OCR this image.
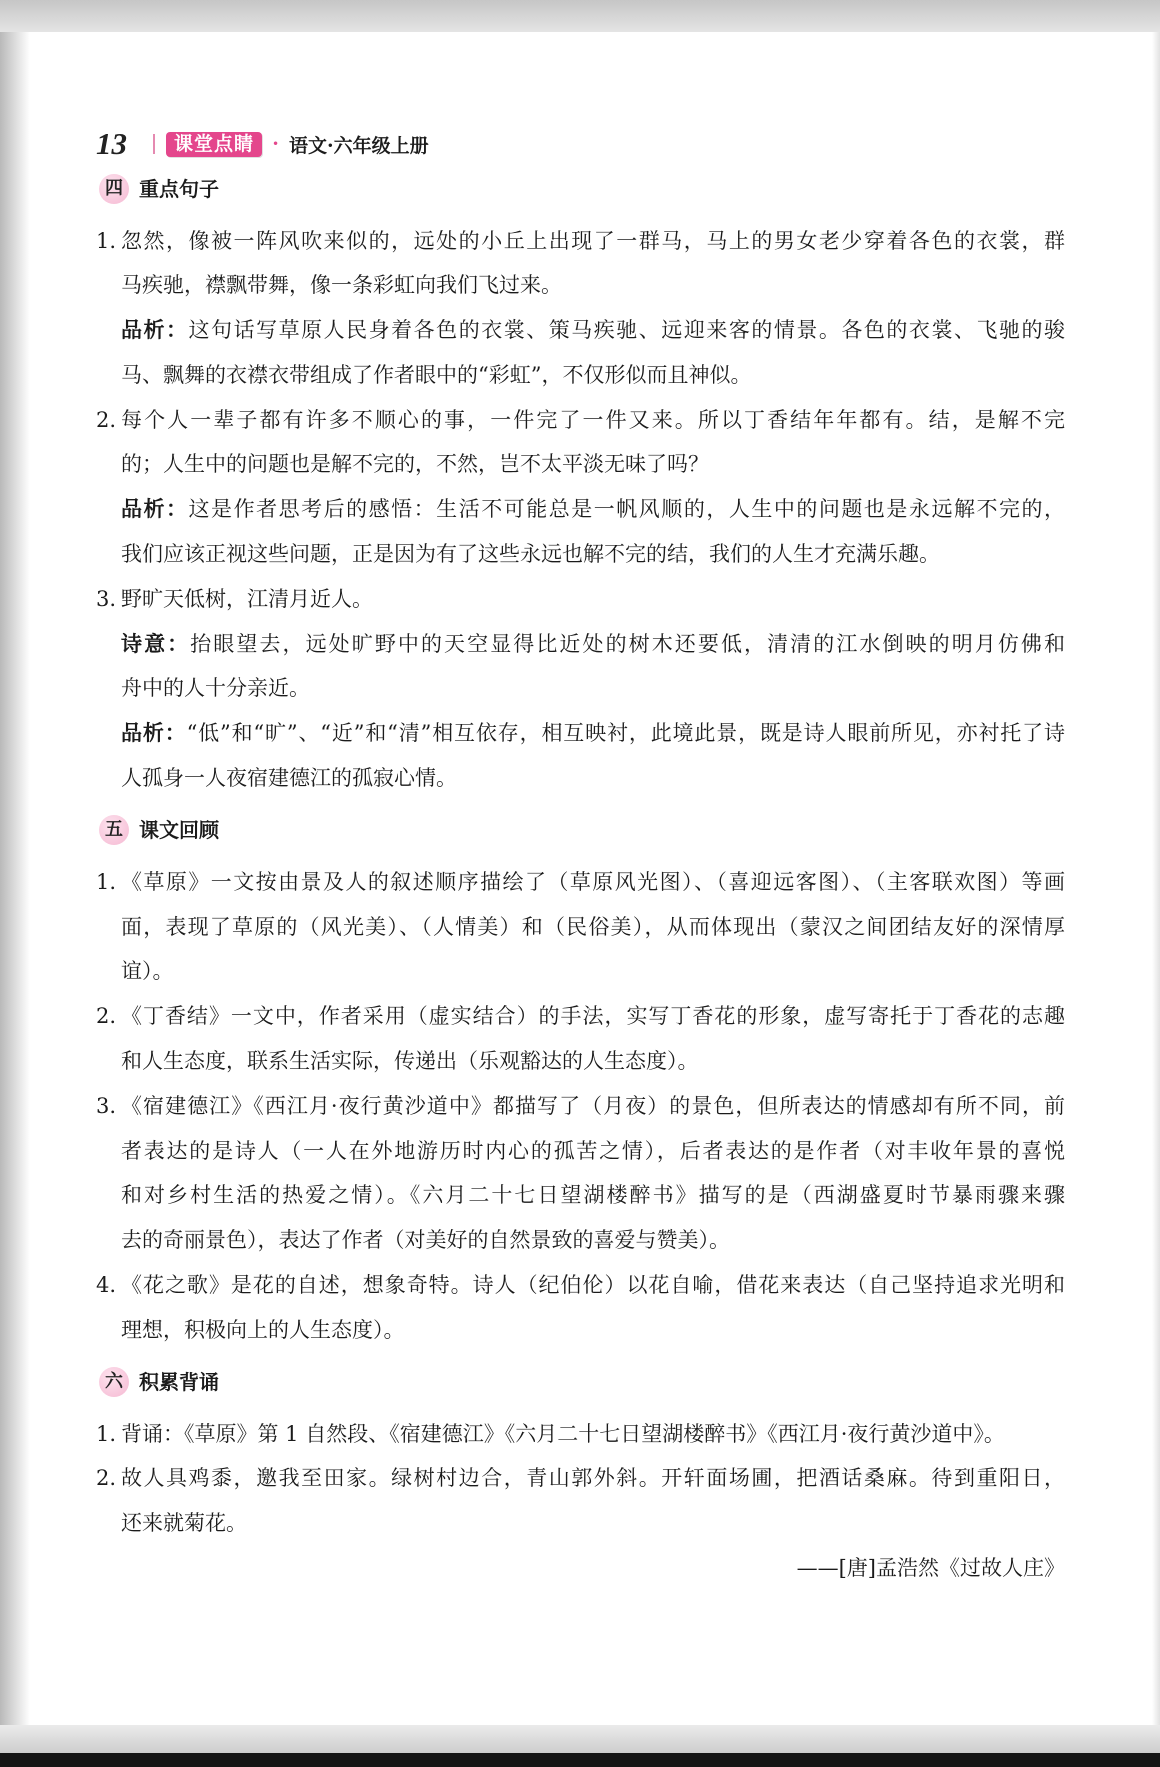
13	课堂点睛 · 语文·六年级上册
四 重点句子
1. 忽然，像被一阵风吹来似的，远处的小丘上出现了一群马，马上的男女老少穿着各色的衣裳，群
马疾驰，襟飘带舞，像一条彩虹向我们飞过来。
品析：这句话写草原人民身着各色的衣裳、策马疾驰、远迎来客的情景。各色的衣裳、飞驰的骏
马、飘舞的衣襟衣带组成了作者眼中的“彩虹”，不仅形似而且神似。
2. 每个人一辈子都有许多不顺心的事，一件完了一件又来。所以丁香结年年都有。结，是解不完
的；人生中的问题也是解不完的，不然，岂不太平淡无味了吗？
品析：这是作者思考后的感悟：生活不可能总是一帆风顺的，人生中的问题也是永远解不完的，
我们应该正视这些问题，正是因为有了这些永远也解不完的结，我们的人生才充满乐趣。
3. 野旷天低树，江清月近人。
诗意：抬眼望去，远处旷野中的天空显得比近处的树木还要低，清清的江水倒映的明月仿佛和
舟中的人十分亲近。
品析：“低”和“旷”、“近”和“清”相互依存，相互映衬，此境此景，既是诗人眼前所见，亦衬托了诗
人孤身一人夜宿建德江的孤寂心情。
五 课文回顾
1. 《草原》一文按由景及人的叙述顺序描绘了（草原风光图）、（喜迎远客图）、（主客联欢图）等画
面，表现了草原的（风光美）、（人情美）和（民俗美），从而体现出（蒙汉之间团结友好的深情厚
谊）。
2. 《丁香结》一文中，作者采用（虚实结合）的手法，实写丁香花的形象，虚写寄托于丁香花的志趣
和人生态度，联系生活实际，传递出（乐观豁达的人生态度）。
3. 《宿建德江》《西江月·夜行黄沙道中》都描写了（月夜）的景色，但所表达的情感却有所不同，前
者表达的是诗人（一人在外地游历时内心的孤苦之情），后者表达的是作者（对丰收年景的喜悦
和对乡村生活的热爱之情）。《六月二十七日望湖楼醉书》描写的是（西湖盛夏时节暴雨骤来骤
去的奇丽景色），表达了作者（对美好的自然景致的喜爱与赞美）。
4. 《花之歌》是花的自述，想象奇特。诗人（纪伯伦）以花自喻，借花来表达（自己坚持追求光明和
理想，积极向上的人生态度）。
六 积累背诵
1. 背诵：《草原》第 1 自然段、《宿建德江》《六月二十七日望湖楼醉书》《西江月·夜行黄沙道中》。
2. 故人具鸡黍，邀我至田家。绿树村边合，青山郭外斜。开轩面场圃，把酒话桑麻。待到重阳日，
还来就菊花。
——[唐]孟浩然《过故人庄》
